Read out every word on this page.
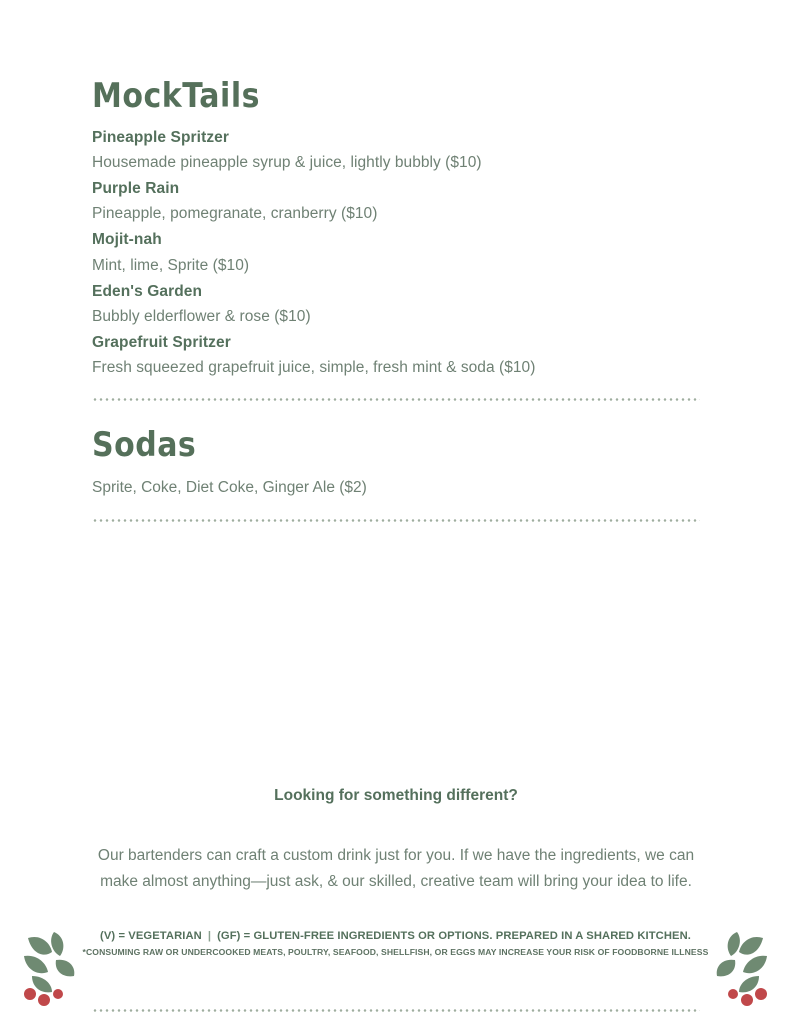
MockTails

Pineapple Spritzer

Housemade pineapple syrup & juice, lightly bubbly ($10)

Purple Rain

Pineapple, pomegranate, cranberry ($10)

Mojit-nah

Mint, lime, Sprite ($10)

Eden's Garden

Bubbly elderflower & rose ($10)

Grapefruit Spritzer

Fresh squeezed grapefruit juice, simple, fresh mint & soda ($10)

Sodas

Sprite, Coke, Diet Coke, Ginger Ale ($2)

Looking for something different?

Our bartenders can craft a custom drink just for you. If we have the ingredients, we can make almost anything—just ask, & our skilled, creative team will bring your idea to life.

(V) = VEGETARIAN | (GF) = GLUTEN-FREE INGREDIENTS OR OPTIONS. PREPARED IN A SHARED KITCHEN.

*CONSUMING RAW OR UNDERCOOKED MEATS, POULTRY, SEAFOOD, SHELLFISH, OR EGGS MAY INCREASE YOUR RISK OF FOODBORNE ILLNESS
